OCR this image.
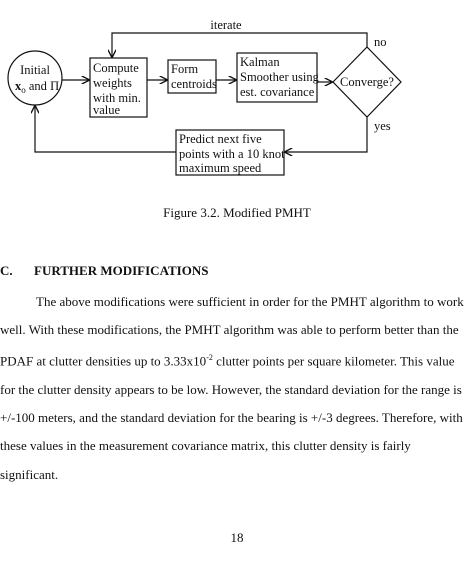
Initial
$x_o$ and Π
Compute
weights
with min.
value
Form
centroids
Kalman
Smoother using
est. covariance
Converge?
Predict next five
points with a 10 knot
maximum speed
iterate
no
yes
Figure 3.2. Modified PMHT
C. FURTHER MODIFICATIONS

The above modifications were sufficient in order for the PMHT algorithm to work

well. With these modifications, the PMHT algorithm was able to perform better than the

PDAF at clutter densities up to $3.33x10^{-2}$ clutter points per square kilometer. This value

for the clutter density appears to be low. However, the standard deviation for the range is

+/-100 meters, and the standard deviation for the bearing is +/-3 degrees. Therefore, with

these values in the measurement covariance matrix, this clutter density is fairly

significant.

18
